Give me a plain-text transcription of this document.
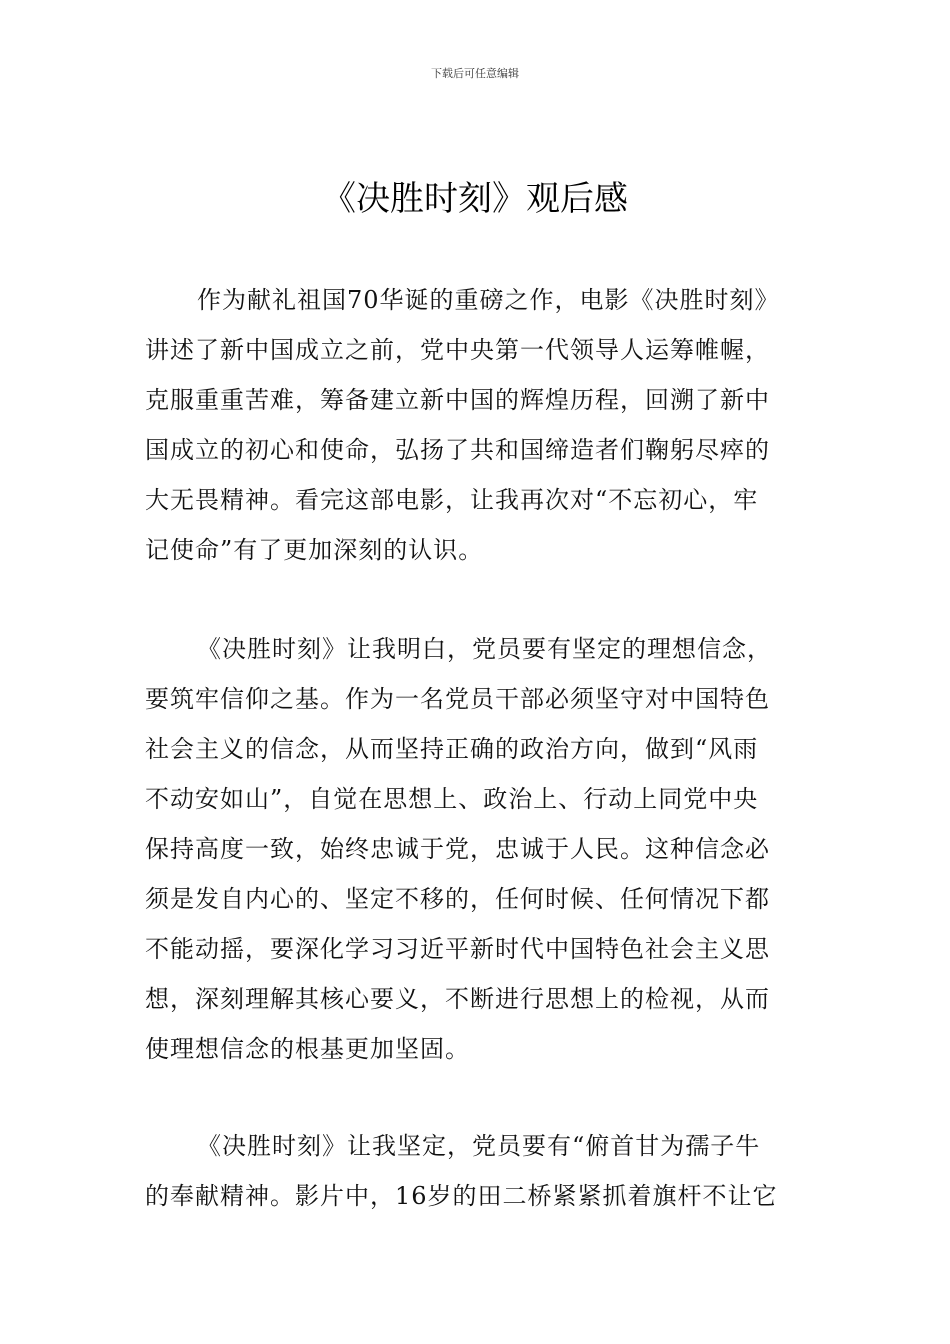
下载后可任意编辑
《决胜时刻》观后感
作为献礼祖国70华诞的重磅之作，电影《决胜时刻》
讲述了新中国成立之前，党中央第一代领导人运筹帷幄，
克服重重苦难，筹备建立新中国的辉煌历程，回溯了新中
国成立的初心和使命，弘扬了共和国缔造者们鞠躬尽瘁的
大无畏精神。看完这部电影，让我再次对“不忘初心，牢
记使命”有了更加深刻的认识。
《决胜时刻》让我明白，党员要有坚定的理想信念，
要筑牢信仰之基。作为一名党员干部必须坚守对中国特色
社会主义的信念，从而坚持正确的政治方向，做到“风雨
不动安如山”，自觉在思想上、政治上、行动上同党中央
保持高度一致，始终忠诚于党，忠诚于人民。这种信念必
须是发自内心的、坚定不移的，任何时候、任何情况下都
不能动摇，要深化学习习近平新时代中国特色社会主义思
想，深刻理解其核心要义，不断进行思想上的检视，从而
使理想信念的根基更加坚固。
《决胜时刻》让我坚定，党员要有“俯首甘为孺子牛
的奉献精神。影片中，16岁的田二桥紧紧抓着旗杆不让它
